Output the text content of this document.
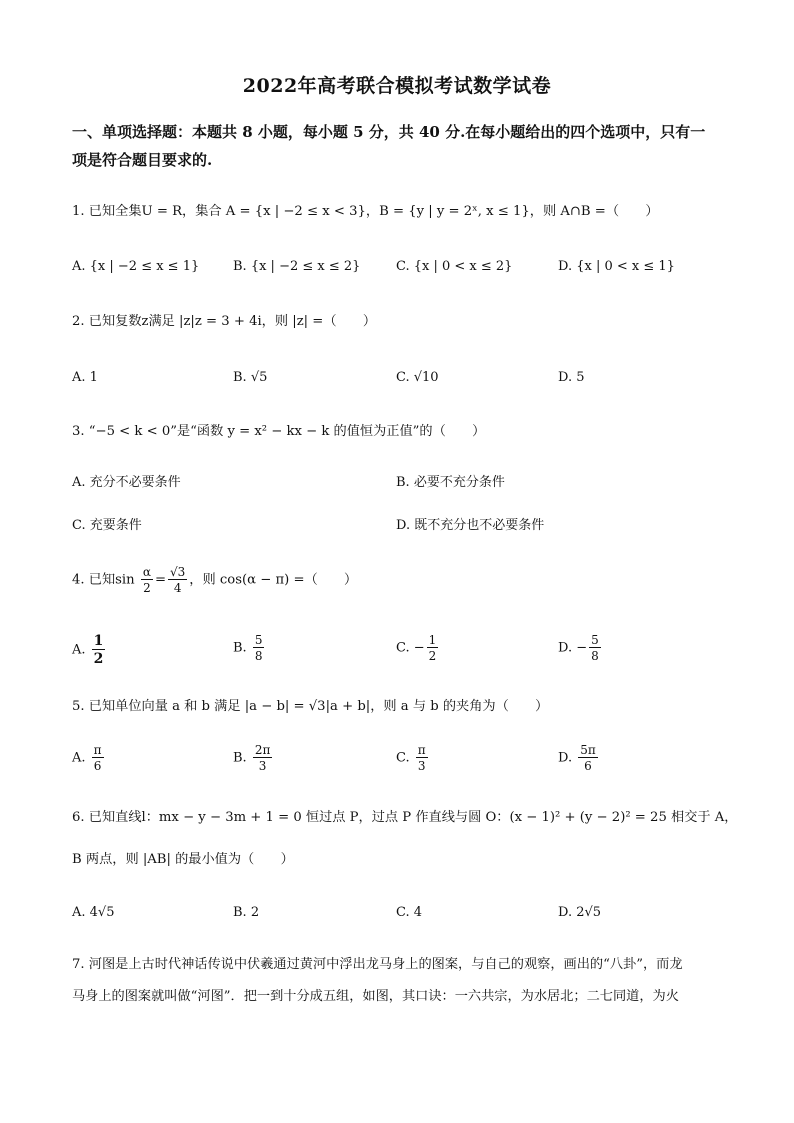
2022年高考联合模拟考试数学试卷
一、单项选择题：本题共 8 小题，每小题 5 分，共 40 分.在每小题给出的四个选项中，只有一
项是符合题目要求的.
1. 已知全集U = R，集合 A = {x | −2 ≤ x < 3}，B = {y | y = 2ˣ, x ≤ 1}，则 A∩B =（　　）
A. {x | −2 ≤ x ≤ 1}	B. {x | −2 ≤ x ≤ 2}	C. {x | 0 < x ≤ 2}	D. {x | 0 < x ≤ 1}
2. 已知复数z满足 |z|z = 3 + 4i，则 |z| =（　　）
A. 1	B. √5	C. √10	D. 5
3. “−5 < k < 0”是“函数 y = x² − kx − k 的值恒为正值”的（　　）
A. 充分不必要条件	B. 必要不充分条件
C. 充要条件	D. 既不充分也不必要条件
4. 已知$\sin \frac{\alpha}{2} = \frac{√3}{4}$ ，则 cos(α − π) =（　　）
A. $\frac{1}{2}$	B. $\frac{5}{8}$	C. − $\frac{1}{2}$	D. − $\frac{5}{8}$
5. 已知单位向量 a 和 b 满足 |a − b| = √3|a + b|，则 a 与 b 的夹角为（　　）
A. $\frac{\pi}{6}$	B. $\frac{2\pi}{3}$	C. $\frac{\pi}{3}$	D. $\frac{5\pi}{6}$
6. 已知直线l：mx − y − 3m + 1 = 0 恒过点 P，过点 P 作直线与圆 O：(x − 1)² + (y − 2)² = 25 相交于 A，
B 两点，则 |AB| 的最小值为（　　）
A. 4√5	B. 2	C. 4	D. 2√5
7. 河图是上古时代神话传说中伏羲通过黄河中浮出龙马身上的图案，与自己的观察，画出的“八卦”，而龙
马身上的图案就叫做“河图”．把一到十分成五组，如图，其口诀：一六共宗，为水居北；二七同道，为火
